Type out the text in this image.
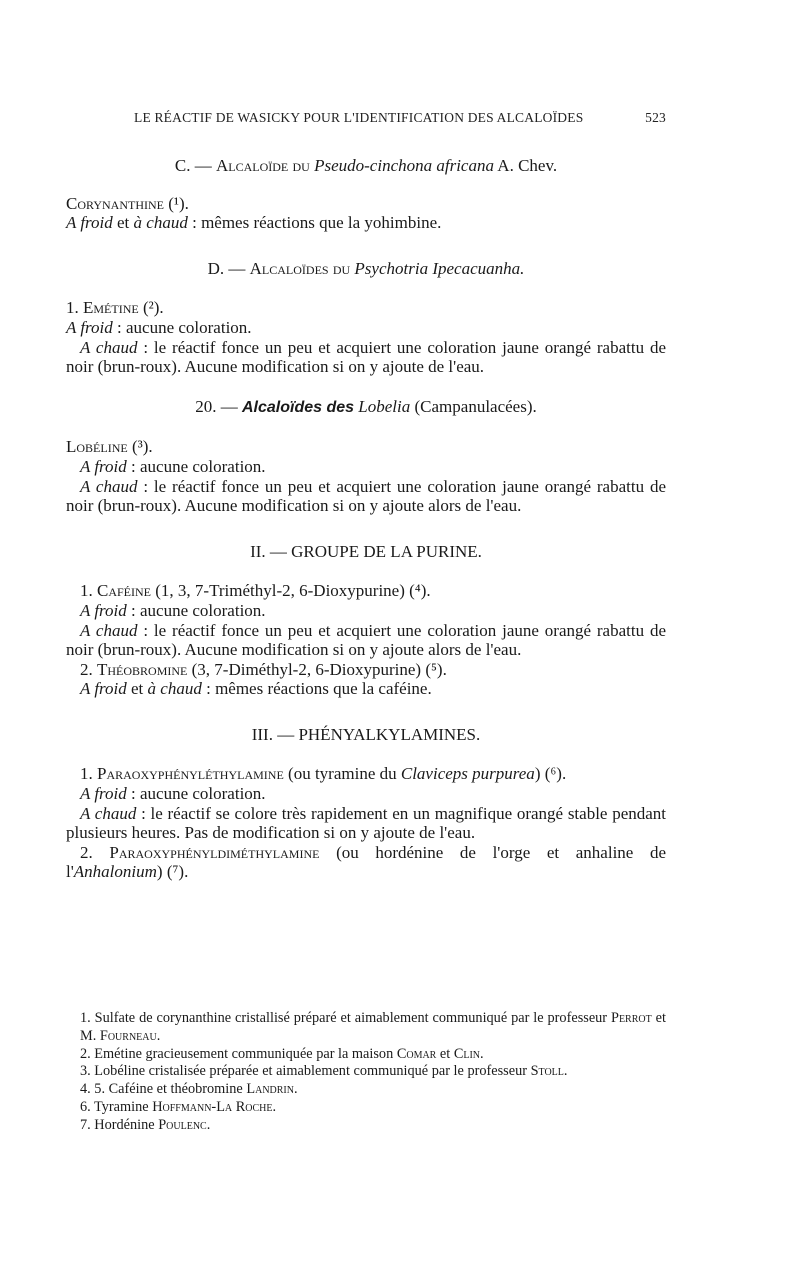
LE RÉACTIF DE WASICKY POUR L'IDENTIFICATION DES ALCALOÏDES	523

C. — Alcaloïde du Pseudo-cinchona africana A. Chev.

Corynanthine (¹).

A froid et à chaud : mêmes réactions que la yohimbine.

D. — Alcaloïdes du Psychotria Ipecacuanha.

1. Emétine (²).

A froid : aucune coloration.

A chaud : le réactif fonce un peu et acquiert une coloration jaune orangé rabattu de noir (brun-roux). Aucune modification si on y ajoute de l'eau.

20. — Alcaloïdes des Lobelia (Campanulacées).

Lobéline (³).

A froid : aucune coloration.

A chaud : le réactif fonce un peu et acquiert une coloration jaune orangé rabattu de noir (brun-roux). Aucune modification si on y ajoute alors de l'eau.

II. — GROUPE DE LA PURINE.

1. Caféine (1, 3, 7-Triméthyl-2, 6-Dioxypurine) (⁴).

A froid : aucune coloration.

A chaud : le réactif fonce un peu et acquiert une coloration jaune orangé rabattu de noir (brun-roux). Aucune modification si on y ajoute alors de l'eau.

2. Théobromine (3, 7-Diméthyl-2, 6-Dioxypurine) (⁵).

A froid et à chaud : mêmes réactions que la caféine.

III. — PHÉNYALKYLAMINES.

1. Paraoxyphényléthylamine (ou tyramine du Claviceps purpurea) (⁶).

A froid : aucune coloration.

A chaud : le réactif se colore très rapidement en un magnifique orangé stable pendant plusieurs heures. Pas de modification si on y ajoute de l'eau.

2. Paraoxyphényldiméthylamine (ou hordénine de l'orge et anhaline de l'Anhalonium) (⁷).

1. Sulfate de corynanthine cristallisé préparé et aimablement communiqué par le professeur Perrot et M. Fourneau.

2. Emétine gracieusement communiquée par la maison Comar et Clin.

3. Lobéline cristalisée préparée et aimablement communiqué par le professeur Stoll.

4. 5. Caféine et théobromine Landrin.

6. Tyramine Hoffmann-La Roche.

7. Hordénine Poulenc.
